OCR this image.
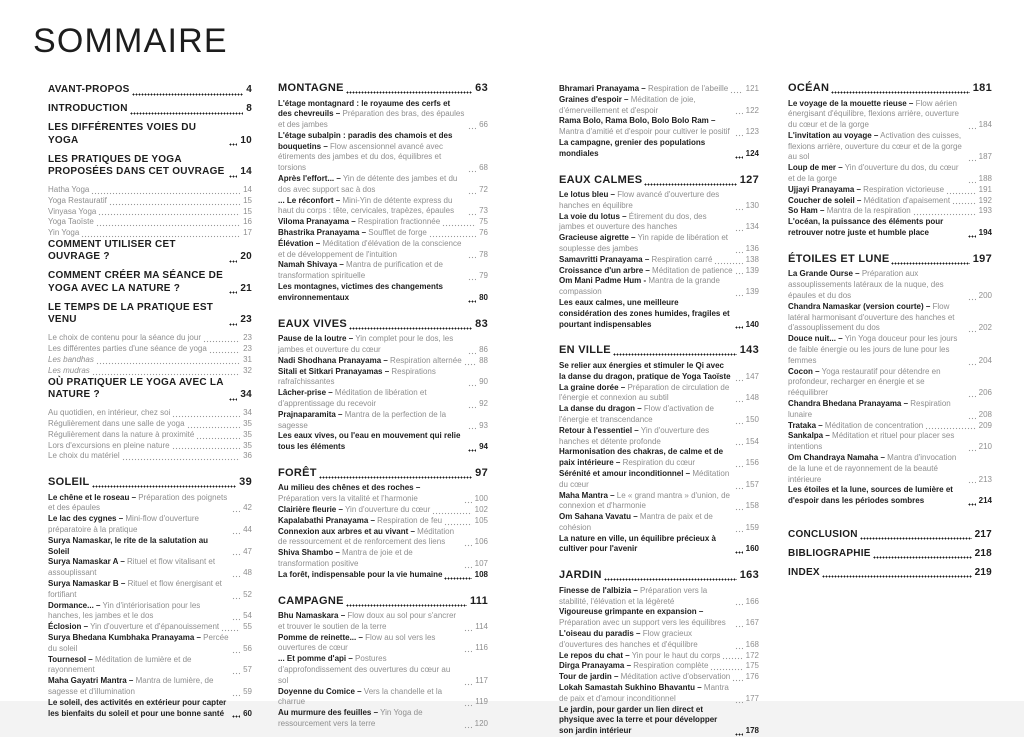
SOMMAIRE
AVANT-PROPOS	4
INTRODUCTION	8
LES DIFFÉRENTES VOIES DU YOGA	10
LES PRATIQUES DE YOGA PROPOSÉES DANS CET OUVRAGE 14
Hatha Yoga	14
Yoga Restauratif	15
Vinyasa Yoga	15
Yoga Taoïste	16
Yin Yoga	17
COMMENT UTILISER CET OUVRAGE ?	20
COMMENT CRÉER MA SÉANCE DE YOGA AVEC LA NATURE ?	21
LE TEMPS DE LA PRATIQUE EST VENU	23
Le choix de contenu pour la séance du jour	23
Les différentes parties d'une séance de yoga	23
Les bandhas	31
Les mudras	32
OÙ PRATIQUER LE YOGA AVEC LA NATURE ?	34
Au quotidien, en intérieur, chez soi	34
Régulièrement dans une salle de yoga	35
Régulièrement dans la nature à proximité	35
Lors d'excursions en pleine nature	35
Le choix du matériel	36
SOLEIL	39
Le chêne et le roseau – Préparation des poignets et des épaules	42
Le lac des cygnes – Mini-flow d'ouverture préparatoire à la pratique	44
Surya Namaskar, le rite de la salutation au Soleil	47
Surya Namaskar A – Rituel et flow vitalisant et assouplissant	48
Surya Namaskar B – Rituel et flow énergisant et fortifiant	52
Dormance... – Yin d'intériorisation pour les hanches, les jambes et le dos	54
Éclosion – Yin d'ouverture et d'épanouissement	55
Surya Bhedana Kumbhaka Pranayama – Percée du soleil	56
Tournesol – Méditation de lumière et de rayonnement	57
Maha Gayatri Mantra – Mantra de lumière, de sagesse et d'illumination	59
Le soleil, des activités en extérieur pour capter les bienfaits du soleil et pour une bonne santé	60
MONTAGNE	63
L'étage montagnard : le royaume des cerfs et des chevreuils – Préparation des bras, des épaules et des jambes	66
L'étage subalpin : paradis des chamois et des bouquetins – Flow ascensionnel avancé avec étirements des jambes et du dos, équilibres et torsions	68
Après l'effort... – Yin de détente des jambes et du dos avec support sac à dos	72
... Le réconfort – Mini-Yin de détente express du haut du corps : tête, cervicales, trapèzes, épaules	73
Viloma Pranayama – Respiration fractionnée	75
Bhastrika Pranayama – Soufflet de forge	76
Élévation – Méditation d'élévation de la conscience et de développement de l'intuition	78
Namah Shivaya – Mantra de purification et de transformation spirituelle	79
Les montagnes, victimes des changements environnementaux	80
EAUX VIVES	83
Pause de la loutre – Yin complet pour le dos, les jambes et ouverture du cœur	86
Nadi Shodhana Pranayama – Respiration alternée 88
Sitali et Sitkari Pranayamas – Respirations rafraîchissantes	90
Lâcher-prise – Méditation de libération et d'apprentissage du recevoir	92
Prajnaparamita – Mantra de la perfection de la sagesse	93
Les eaux vives, ou l'eau en mouvement qui relie tous les éléments	94
FORÊT	97
Au milieu des chênes et des roches – Préparation vers la vitalité et l'harmonie	100
Clairière fleurie – Yin d'ouverture du cœur	102
Kapalabathi Pranayama – Respiration de feu	105
Connexion aux arbres et au vivant – Méditation de ressourcement et de renforcement des liens	106
Shiva Shambo – Mantra de joie et de transformation positive	107
La forêt, indispensable pour la vie humaine	108
CAMPAGNE	111
Bhu Namaskara – Flow doux au sol pour s'ancrer et trouver le soutien de la terre	114
Pomme de reinette... – Flow au sol vers les ouvertures de cœur	116
... Et pomme d'api – Postures d'approfondissement des ouvertures du cœur au sol	117
Doyenne du Comice – Vers la chandelle et la charrue	119
Au murmure des feuilles – Yin Yoga de ressourcement vers la terre	120
Bhramari Pranayama – Respiration de l'abeille 121
Graines d'espoir – Méditation de joie, d'émerveillement et d'espoir	122
Rama Bolo, Rama Bolo, Bolo Bolo Ram – Mantra d'amitié et d'espoir pour cultiver le positif	123
La campagne, grenier des populations mondiales	124
EAUX CALMES	127
Le lotus bleu – Flow avancé d'ouverture des hanches en équilibre	130
La voie du lotus – Étirement du dos, des jambes et ouverture des hanches	134
Gracieuse aigrette – Yin rapide de libération et souplesse des jambes	136
Samavritti Pranayama – Respiration carré	138
Croissance d'un arbre – Méditation de patience 139
Om Mani Padme Hum - Mantra de la grande compassion	139
Les eaux calmes, une meilleure considération des zones humides, fragiles et pourtant indispensables	140
EN VILLE	143
Se relier aux énergies et stimuler le Qi avec la danse du dragon, pratique de Yoga Taoïste 147
La graine dorée – Préparation de circulation de l'énergie et connexion au subtil	148
La danse du dragon – Flow d'activation de l'énergie et transcendance	150
Retour à l'essentiel – Yin d'ouverture des hanches et détente profonde	154
Harmonisation des chakras, de calme et de paix intérieure – Respiration du cœur	156
Sérénité et amour inconditionnel – Méditation du cœur	157
Maha Mantra – Le « grand mantra » d'union, de connexion et d'harmonie	158
Om Sahana Vavatu – Mantra de paix et de cohésion	159
La nature en ville, un équilibre précieux à cultiver pour l'avenir	160
JARDIN	163
Finesse de l'albizia – Préparation vers la stabilité, l'élévation et la légèreté	166
Vigoureuse grimpante en expansion – Préparation avec un support vers les équilibres	167
L'oiseau du paradis – Flow gracieux d'ouvertures des hanches et d'équilibre	168
Le repos du chat – Yin pour le haut du corps	172
Dirga Pranayama – Respiration complète	175
Tour de jardin – Méditation active d'observation 176
Lokah Samastah Sukhino Bhavantu – Mantra de paix et d'amour inconditionnel	177
Le jardin, pour garder un lien direct et physique avec la terre et pour développer son jardin intérieur	178
OCÉAN	181
Le voyage de la mouette rieuse – Flow aérien énergisant d'équilibre, flexions arrière, ouverture du cœur et de la gorge	184
L'invitation au voyage – Activation des cuisses, flexions arrière, ouverture du cœur et de la gorge au sol	187
Loup de mer – Yin d'ouverture du dos, du cœur et de la gorge	188
Ujjayi Pranayama – Respiration victorieuse	191
Coucher de soleil – Méditation d'apaisement	192
So Ham – Mantra de la respiration	193
L'océan, la puissance des éléments pour retrouver notre juste et humble place	194
ÉTOILES ET LUNE	197
La Grande Ourse – Préparation aux assouplissements latéraux de la nuque, des épaules et du dos	200
Chandra Namaskar (version courte) – Flow latéral harmonisant d'ouverture des hanches et d'assouplissement du dos	202
Douce nuit... – Yin Yoga douceur pour les jours de faible énergie ou les jours de lune pour les femmes	204
Cocon – Yoga restauratif pour détendre en profondeur, recharger en énergie et se rééquilibrer	206
Chandra Bhedana Pranayama – Respiration lunaire	208
Trataka – Méditation de concentration	209
Sankalpa – Méditation et rituel pour placer ses intentions	210
Om Chandraya Namaha – Mantra d'invocation de la lune et de rayonnement de la beauté intérieure	213
Les étoiles et la lune, sources de lumière et d'espoir dans les périodes sombres	214
CONCLUSION	217
BIBLIOGRAPHIE	218
INDEX	219
